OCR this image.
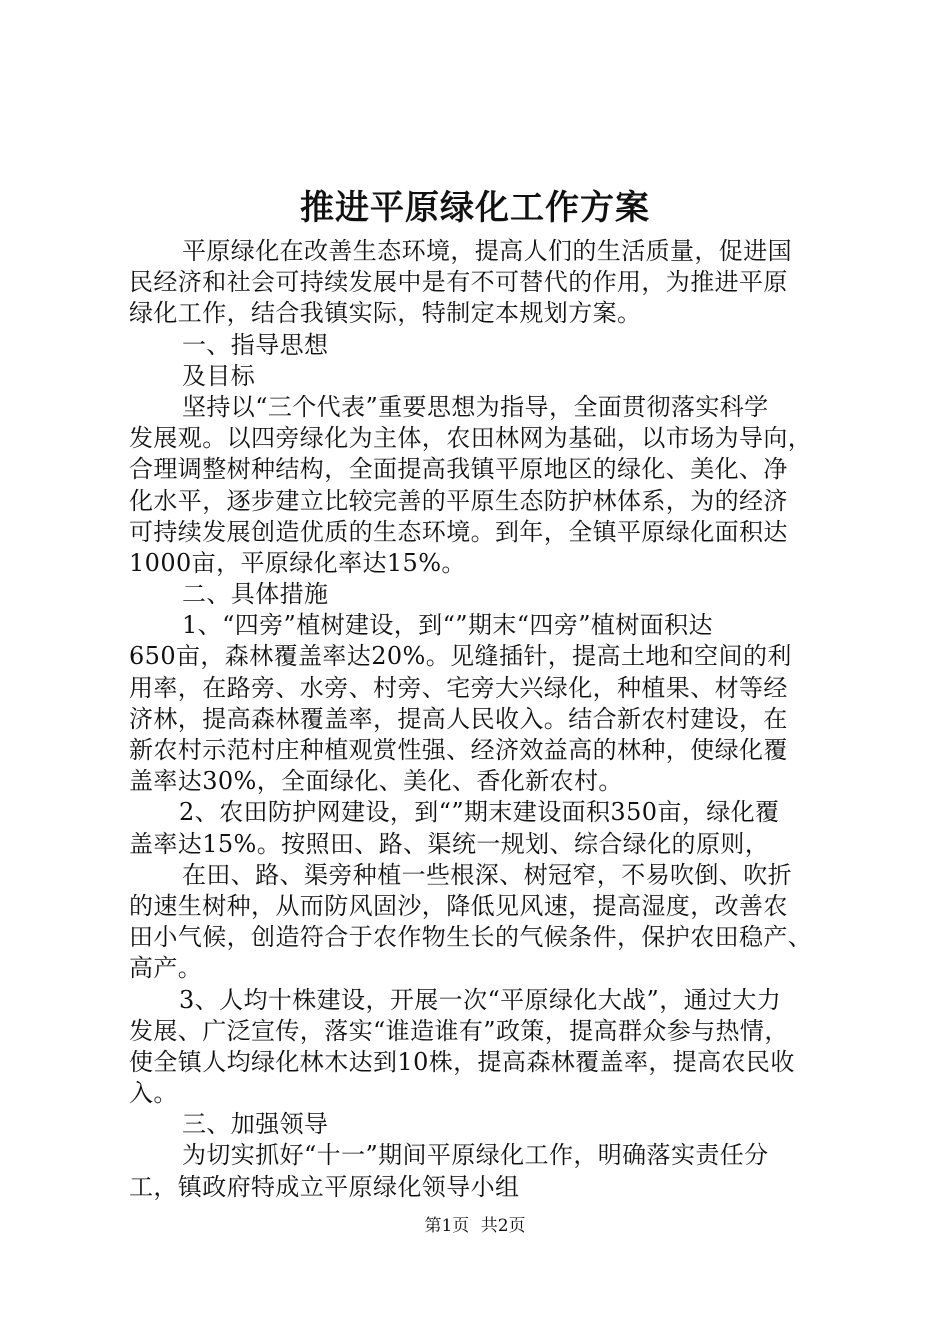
推进平原绿化工作方案
平原绿化在改善生态环境，提高人们的生活质量，促进国
民经济和社会可持续发展中是有不可替代的作用，为推进平原
绿化工作，结合我镇实际，特制定本规划方案。
一、指导思想
及目标
坚持以“三个代表”重要思想为指导，全面贯彻落实科学
发展观。以四旁绿化为主体，农田林网为基础，以市场为导向，
合理调整树种结构，全面提高我镇平原地区的绿化、美化、净
化水平，逐步建立比较完善的平原生态防护林体系，为的经济
可持续发展创造优质的生态环境。到年，全镇平原绿化面积达
1000亩，平原绿化率达15%。
二、具体措施
1、“四旁”植树建设，到“”期末“四旁”植树面积达
650亩，森林覆盖率达20%。见缝插针，提高土地和空间的利
用率，在路旁、水旁、村旁、宅旁大兴绿化，种植果、材等经
济林，提高森林覆盖率，提高人民收入。结合新农村建设，在
新农村示范村庄种植观赏性强、经济效益高的林种，使绿化覆
盖率达30%，全面绿化、美化、香化新农村。
2、农田防护网建设，到“”期末建设面积350亩，绿化覆
盖率达15%。按照田、路、渠统一规划、综合绿化的原则，
在田、路、渠旁种植一些根深、树冠窄，不易吹倒、吹折
的速生树种，从而防风固沙，降低见风速，提高湿度，改善农
田小气候，创造符合于农作物生长的气候条件，保护农田稳产、
高产。
3、人均十株建设，开展一次“平原绿化大战”，通过大力
发展、广泛宣传，落实“谁造谁有”政策，提高群众参与热情，
使全镇人均绿化林木达到10株，提高森林覆盖率，提高农民收
入。
三、加强领导
为切实抓好“十一”期间平原绿化工作，明确落实责任分
工，镇政府特成立平原绿化领导小组
第1页 共2页
